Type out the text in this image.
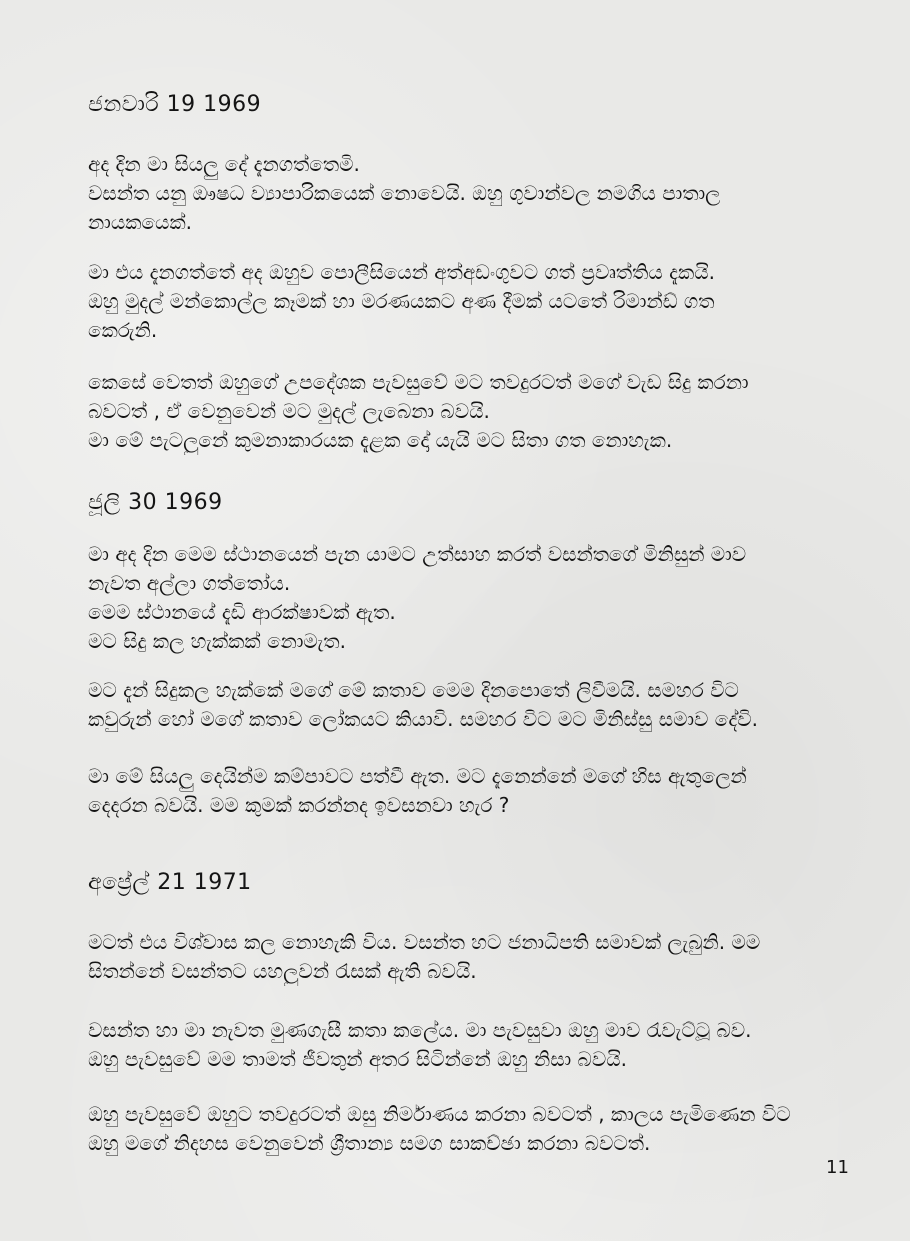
ජනවාරි 19 1969
අද දින මා සියලු දේ දැනගත්තෙමි.
වසන්ත යනු ඖෂධ ව්‍යාපාරිකයෙක් නොවෙයි. ඔහු ගුවාන්වල නමගිය පාතාල
නායකයෙක්.
මා එය දැනගත්තේ අද ඔහුව පොලීසියෙන් අත්අඩංගුවට ගත් ප්‍රවෘත්තිය දැකයි.
ඔහු මුදල් මන්කොල්ල කෑමක් හා මරණයකට අණ දීමක් යටතේ රිමාන්ඩ් ගත
කෙරුනි.
කෙසේ වෙතත් ඔහුගේ උපදේශක පැවසුවේ මට තවදුරටත් මගේ වැඩ සිදු කරනා
බවටත් , ඒ වෙනුවෙන් මට මුදල් ලැබෙනා බවයි.
මා මේ පැටලුනේ කුමනාකාරයක දැළක දෝ යැයි මට සිතා ගත නොහැක.
ජූලි 30 1969
මා අද දින මෙම ස්ථානයෙන් පැන යාමට උත්සාහ කරත් වසන්තගේ මිනිසුන් මාව
නැවත අල්ලා ගත්තෝය.
මෙම ස්ථානයේ දැඩි ආරක්ෂාවක් ඇත.
මට සිදු කල හැක්කක් නොමැත.
මට දැන් සිදුකල හැක්කේ මගේ මේ කතාව මෙම දිනපොතේ ලිවීමයි. සමහර විට
කවුරුන් හෝ මගේ කතාව ලෝකයට කියාවි. සමහර විට මට මිනිස්සු සමාව දේවි.
මා මේ සියලු දෙයින්ම කම්පාවට පත්වී ඇත. මට දැනෙන්නේ මගේ හිස ඇතුලෙන්
දෙදරන බවයි. මම කුමක් කරන්නද ඉවසනවා හැර ?
අප්‍රේල් 21 1971
මටත් එය විශ්වාස කල නොහැකි විය. වසන්ත හට ජනාධිපති සමාවක් ලැබුනි. මම
සිතන්නේ වසන්තට යහලුවන් රැසක් ඇති බවයි.
වසන්ත හා මා නැවත මුණගැසී කතා කලේය. මා පැවසුවා ඔහු මාව රැවැට්ටූ බව.
ඔහු පැවසුවේ මම තාමත් ජීවතුන් අතර සිටින්නේ ඔහු නිසා බවයි.
ඔහු පැවසුවේ ඔහුට තවදුරටත් ඔසු නිර්මාණය කරනා බවටත් , කාලය පැමිණෙන විට
ඔහු මගේ නිදහස වෙනුවෙන් ශ්‍රීතාන්‍ය සමග සාකච්ඡා කරනා බවටත්.
11
